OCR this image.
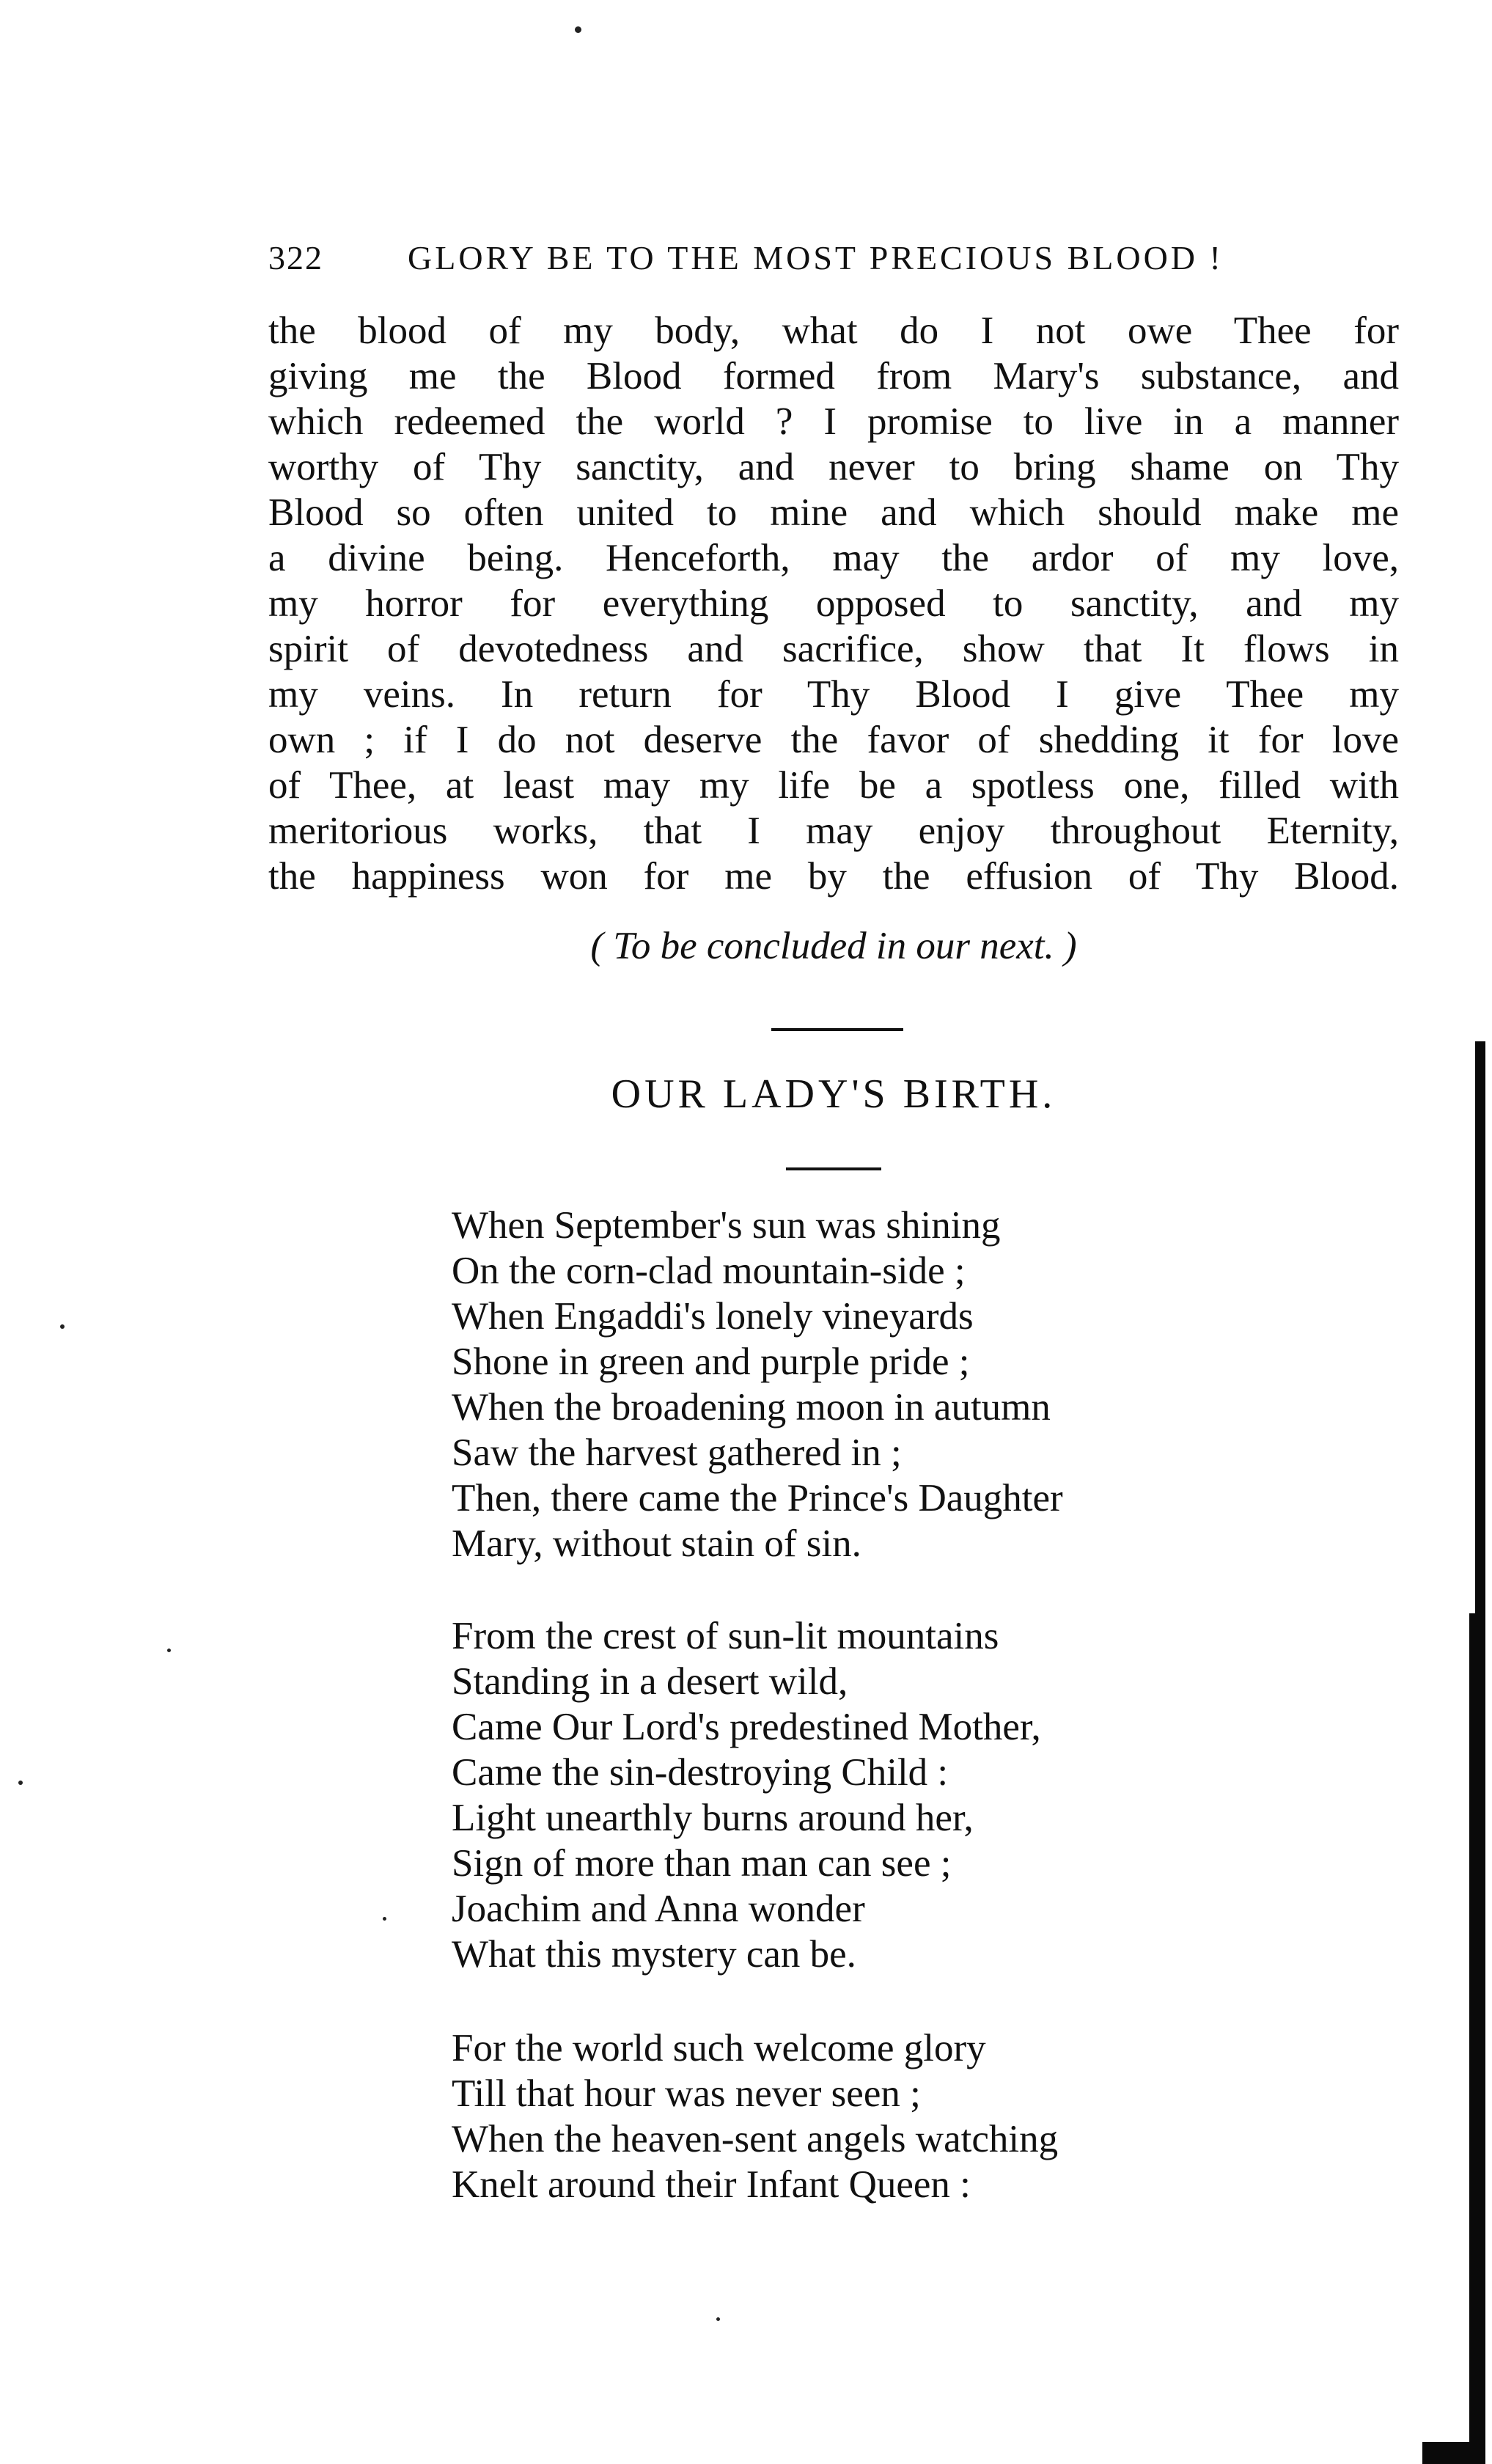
322	GLORY BE TO THE MOST PRECIOUS BLOOD !
the blood of my body, what do I not owe Thee for
giving me the Blood formed from Mary's substance, and
which redeemed the world ? I promise to live in a manner
worthy of Thy sanctity, and never to bring shame on Thy
Blood so often united to mine and which should make me
a divine being. Henceforth, may the ardor of my love,
my horror for everything opposed to sanctity, and my
spirit of devotedness and sacrifice, show that It flows in
my veins. In return for Thy Blood I give Thee my
own ; if I do not deserve the favor of shedding it for love
of Thee, at least may my life be a spotless one, filled with
meritorious works, that I may enjoy throughout Eternity,
the happiness won for me by the effusion of Thy Blood.
( To be concluded in our next. )
OUR LADY'S BIRTH.
When September's sun was shining
On the corn-clad mountain-side ;
When Engaddi's lonely vineyards
Shone in green and purple pride ;
When the broadening moon in autumn
Saw the harvest gathered in ;
Then, there came the Prince's Daughter
Mary, without stain of sin.
From the crest of sun-lit mountains
Standing in a desert wild,
Came Our Lord's predestined Mother,
Came the sin-destroying Child :
Light unearthly burns around her,
Sign of more than man can see ;
Joachim and Anna wonder
What this mystery can be.
For the world such welcome glory
Till that hour was never seen ;
When the heaven-sent angels watching
Knelt around their Infant Queen :
